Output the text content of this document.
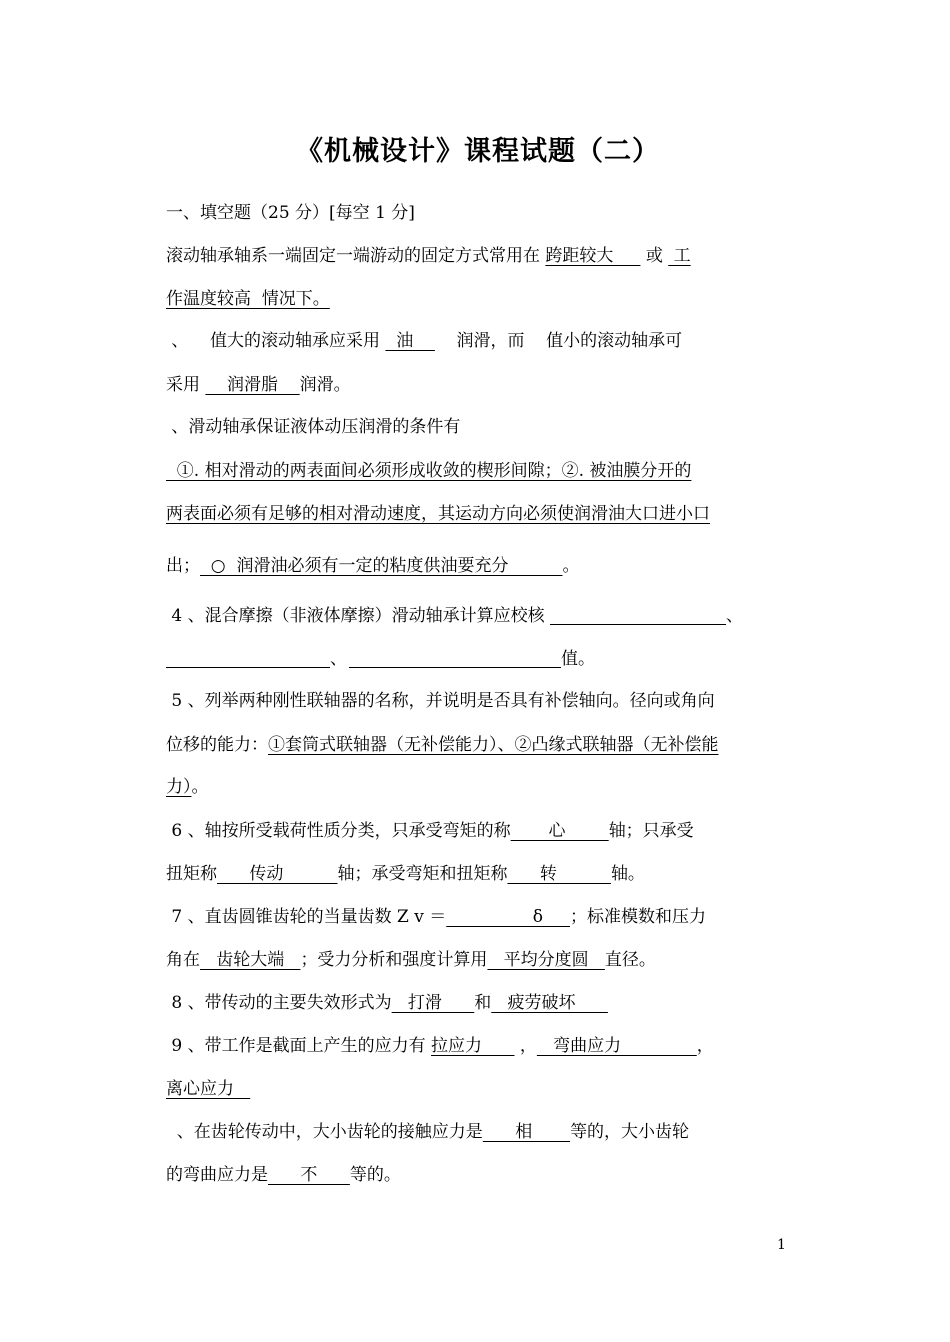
《机械设计》课程试题（二）
一、填空题（25 分）[每空 1 分]
滚动轴承轴系一端固定一端游动的固定方式常用在 跨距较大      或  工
作温度较高  情况下。
、    值大的滚动轴承应采用   油        润滑，而    值小的滚动轴承可
采用     润滑脂    润滑。
、滑动轴承保证液体动压润滑的条件有
①. 相对滑动的两表面间必须形成收敛的楔形间隙；②. 被油膜分开的
两表面必须有足够的相对滑动速度，其运动方向必须使润滑油大口进小口
出；  ○  润滑油必须有一定的粘度供油要充分          。
4 、混合摩擦（非液体摩擦）滑动轴承计算应校核	、
、	值。
5 、列举两种刚性联轴器的名称，并说明是否具有补偿轴向。径向或角向
位移的能力：①套筒式联轴器（无补偿能力）、②凸缘式联轴器（无补偿能
力）。
6 、轴按所受载荷性质分类，只承受弯矩的称       心        轴；只承受
扭矩称      传动          轴；承受弯矩和扭矩称      转          轴。
7 、直齿圆锥齿轮的当量齿数 Z v ＝                δ     ；标准模数和压力
角在   齿轮大端   ；受力分析和强度计算用   平均分度圆   直径。
8 、带传动的主要失效形式为   打滑      和   疲劳破坏
9 、带工作是截面上产生的应力有 拉应力       ，   弯曲应力              ，
离心应力
、在齿轮传动中，大小齿轮的接触应力是      相       等的，大小齿轮
的弯曲应力是      不      等的。
1
